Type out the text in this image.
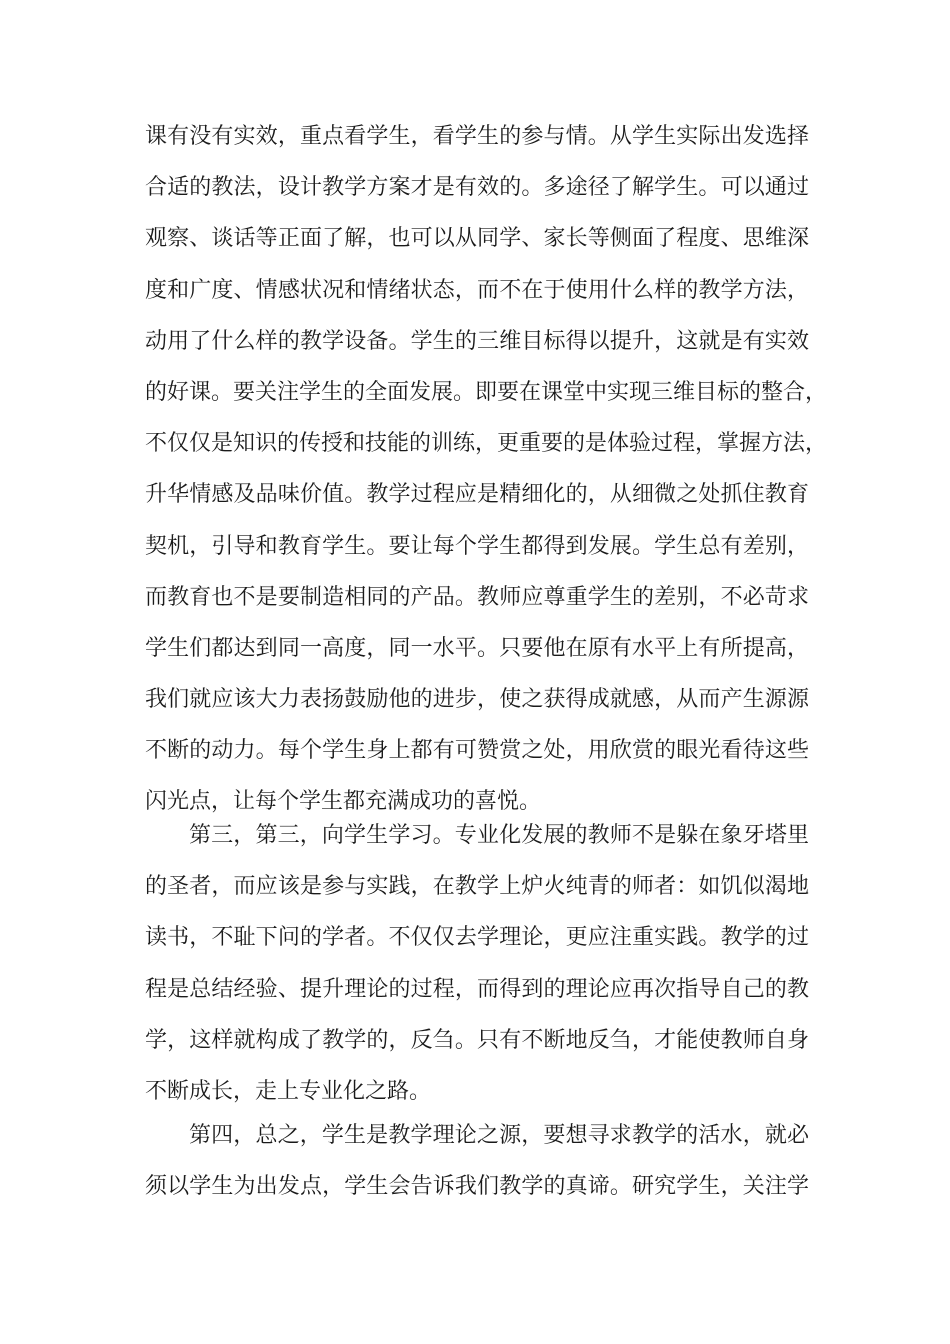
课有没有实效，重点看学生，看学生的参与情。从学生实际出发选择
合适的教法，设计教学方案才是有效的。多途径了解学生。可以通过
观察、谈话等正面了解，也可以从同学、家长等侧面了程度、思维深
度和广度、情感状况和情绪状态，而不在于使用什么样的教学方法，
动用了什么样的教学设备。学生的三维目标得以提升，这就是有实效
的好课。要关注学生的全面发展。即要在课堂中实现三维目标的整合，
不仅仅是知识的传授和技能的训练，更重要的是体验过程，掌握方法，
升华情感及品味价值。教学过程应是精细化的，从细微之处抓住教育
契机，引导和教育学生。要让每个学生都得到发展。学生总有差别，
而教育也不是要制造相同的产品。教师应尊重学生的差别，不必苛求
学生们都达到同一高度，同一水平。只要他在原有水平上有所提高，
我们就应该大力表扬鼓励他的进步，使之获得成就感，从而产生源源
不断的动力。每个学生身上都有可赞赏之处，用欣赏的眼光看待这些
闪光点，让每个学生都充满成功的喜悦。
第三，第三，向学生学习。专业化发展的教师不是躲在象牙塔里
的圣者，而应该是参与实践，在教学上炉火纯青的师者：如饥似渴地
读书，不耻下问的学者。不仅仅去学理论，更应注重实践。教学的过
程是总结经验、提升理论的过程，而得到的理论应再次指导自己的教
学，这样就构成了教学的，反刍。只有不断地反刍，才能使教师自身
不断成长，走上专业化之路。
第四，总之，学生是教学理论之源，要想寻求教学的活水，就必
须以学生为出发点，学生会告诉我们教学的真谛。研究学生，关注学
